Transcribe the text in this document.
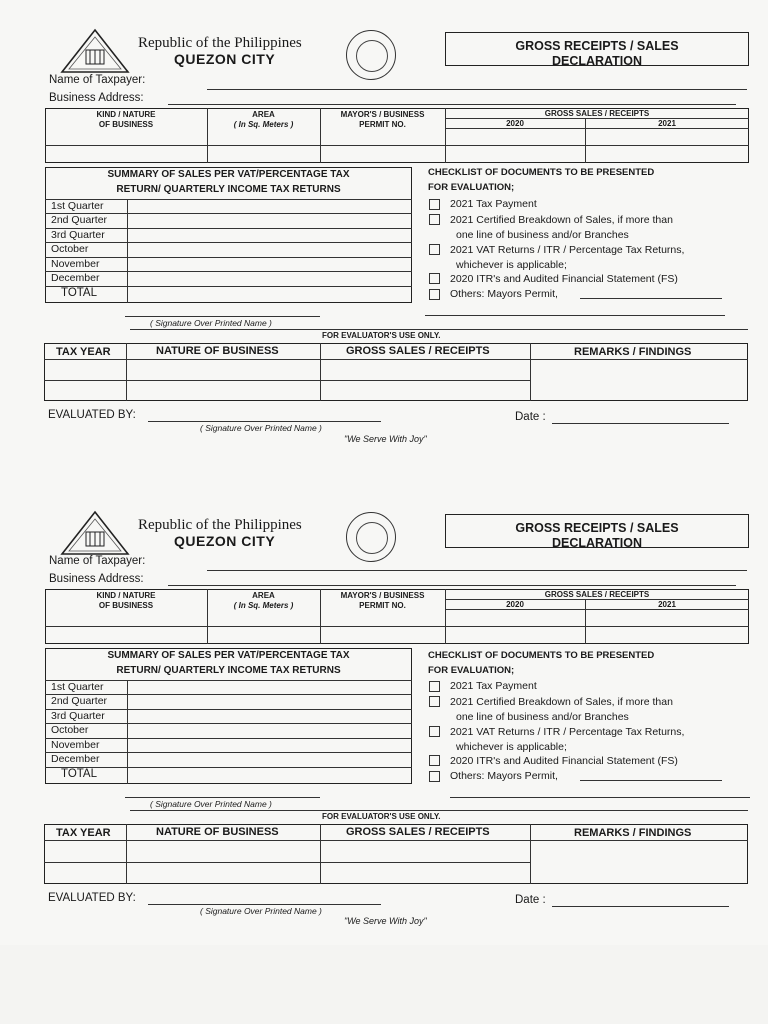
Republic of the Philippines
QUEZON CITY
GROSS RECEIPTS / SALES
DECLARATION
Name of Taxpayer:
Business Address:
KIND / NATURE
OF BUSINESS
AREA
( In Sq. Meters )
MAYOR'S / BUSINESS
PERMIT NO.
GROSS SALES / RECEIPTS
2020	2021
SUMMARY OF SALES PER VAT/PERCENTAGE TAX
RETURN/ QUARTERLY INCOME TAX RETURNS
1st Quarter
2nd Quarter
3rd Quarter
October
November
December
TOTAL
CHECKLIST OF DOCUMENTS TO BE PRESENTED
FOR EVALUATION;
2021 Tax Payment
2021 Certified Breakdown of Sales, if more than
one line of business and/or Branches
2021 VAT Returns / ITR / Percentage Tax Returns,
whichever is applicable;
2020 ITR's and Audited Financial Statement (FS)
Others: Mayors Permit,
( Signature Over Printed Name )
FOR EVALUATOR'S USE ONLY.
TAX YEAR	NATURE OF BUSINESS	GROSS SALES / RECEIPTS	REMARKS / FINDINGS
EVALUATED BY:	Date :
( Signature Over Printed Name )
"We Serve With Joy"
Republic of the Philippines
QUEZON CITY
GROSS RECEIPTS / SALES
DECLARATION
Name of Taxpayer:
Business Address:
KIND / NATURE
OF BUSINESS
AREA
( In Sq. Meters )
MAYOR'S / BUSINESS
PERMIT NO.
GROSS SALES / RECEIPTS
2020	2021
SUMMARY OF SALES PER VAT/PERCENTAGE TAX
RETURN/ QUARTERLY INCOME TAX RETURNS
1st Quarter
2nd Quarter
3rd Quarter
October
November
December
TOTAL
CHECKLIST OF DOCUMENTS TO BE PRESENTED
FOR EVALUATION;
2021 Tax Payment
2021 Certified Breakdown of Sales, if more than
one line of business and/or Branches
2021 VAT Returns / ITR / Percentage Tax Returns,
whichever is applicable;
2020 ITR's and Audited Financial Statement (FS)
Others: Mayors Permit,
( Signature Over Printed Name )
FOR EVALUATOR'S USE ONLY.
TAX YEAR	NATURE OF BUSINESS	GROSS SALES / RECEIPTS	REMARKS / FINDINGS
EVALUATED BY:	Date :
( Signature Over Printed Name )
"We Serve With Joy"
